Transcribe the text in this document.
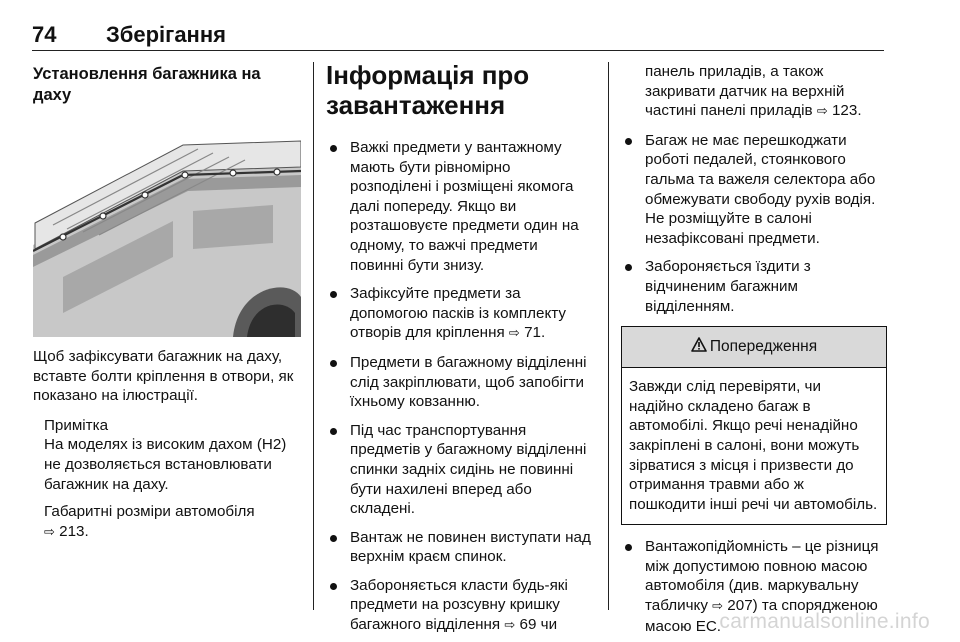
74 Зберігання
Установлення багажника на даху

Щоб зафіксувати багажник на даху, вставте болти кріплення в отвори, як показано на ілюстрації.

Примітка

На моделях із високим дахом (H2) не дозволяється встановлювати багажник на даху.

Габаритні розміри автомобіля
⇨ 213.

Інформація про завантаження
Важкі предмети у вантажному мають бути рівномірно розподілені і розміщені якомога далі попереду. Якщо ви розташовуєте предмети один на одному, то важчі предмети повинні бути знизу.
Зафіксуйте предмети за допомогою пасків із комплекту отворів для кріплення ⇨ 71.
Предмети в багажному відділенні слід закріплювати, щоб запобігти їхньому ковзанню.
Під час транспортування предметів у багажному відділенні спинки задніх сидінь не повинні бути нахилені вперед або складені.
Вантаж не повинен виступати над верхнім краєм спинок.
Забороняється класти будь-які предмети на розсувну кришку багажного відділення ⇨ 69 чи

панель приладів, а також закривати датчик на верхній частині панелі приладів ⇨ 123.

Багаж не має перешкоджати роботі педалей, стоянкового гальма та важеля селектора або обмежувати свободу рухів водія. Не розміщуйте в салоні незафіксовані предмети.
Забороняється їздити з відчиненим багажним відділенням.
Попередження
Завжди слід перевіряти, чи надійно складено багаж в автомобілі. Якщо речі ненадійно закріплені в салоні, вони можуть зірватися з місця і призвести до отримання травми або ж пошкодити інші речі чи автомобіль.
Вантажопідйомність – це різниця між допустимою повною масою автомобіля (див. маркувальну табличку ⇨ 207) та спорядженою масою ЕС.
carmanualsonline.info
